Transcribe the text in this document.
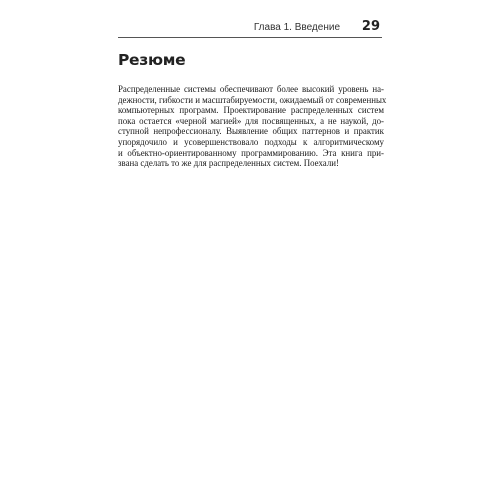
Глава 1. Введение 29
Резюме
Распределенные системы обеспечивают более высокий уровень на-
дежности, гибкости и масштабируемости, ожидаемый от современных
компьютерных программ. Проектирование распределенных систем
пока остается «черной магией» для посвященных, а не наукой, до-
ступной непрофессионалу. Выявление общих паттернов и практик
упорядочило и усовершенствовало подходы к алгоритмическому
и объектно-ориентированному программированию. Эта книга при-
звана сделать то же для распределенных систем. Поехали!
